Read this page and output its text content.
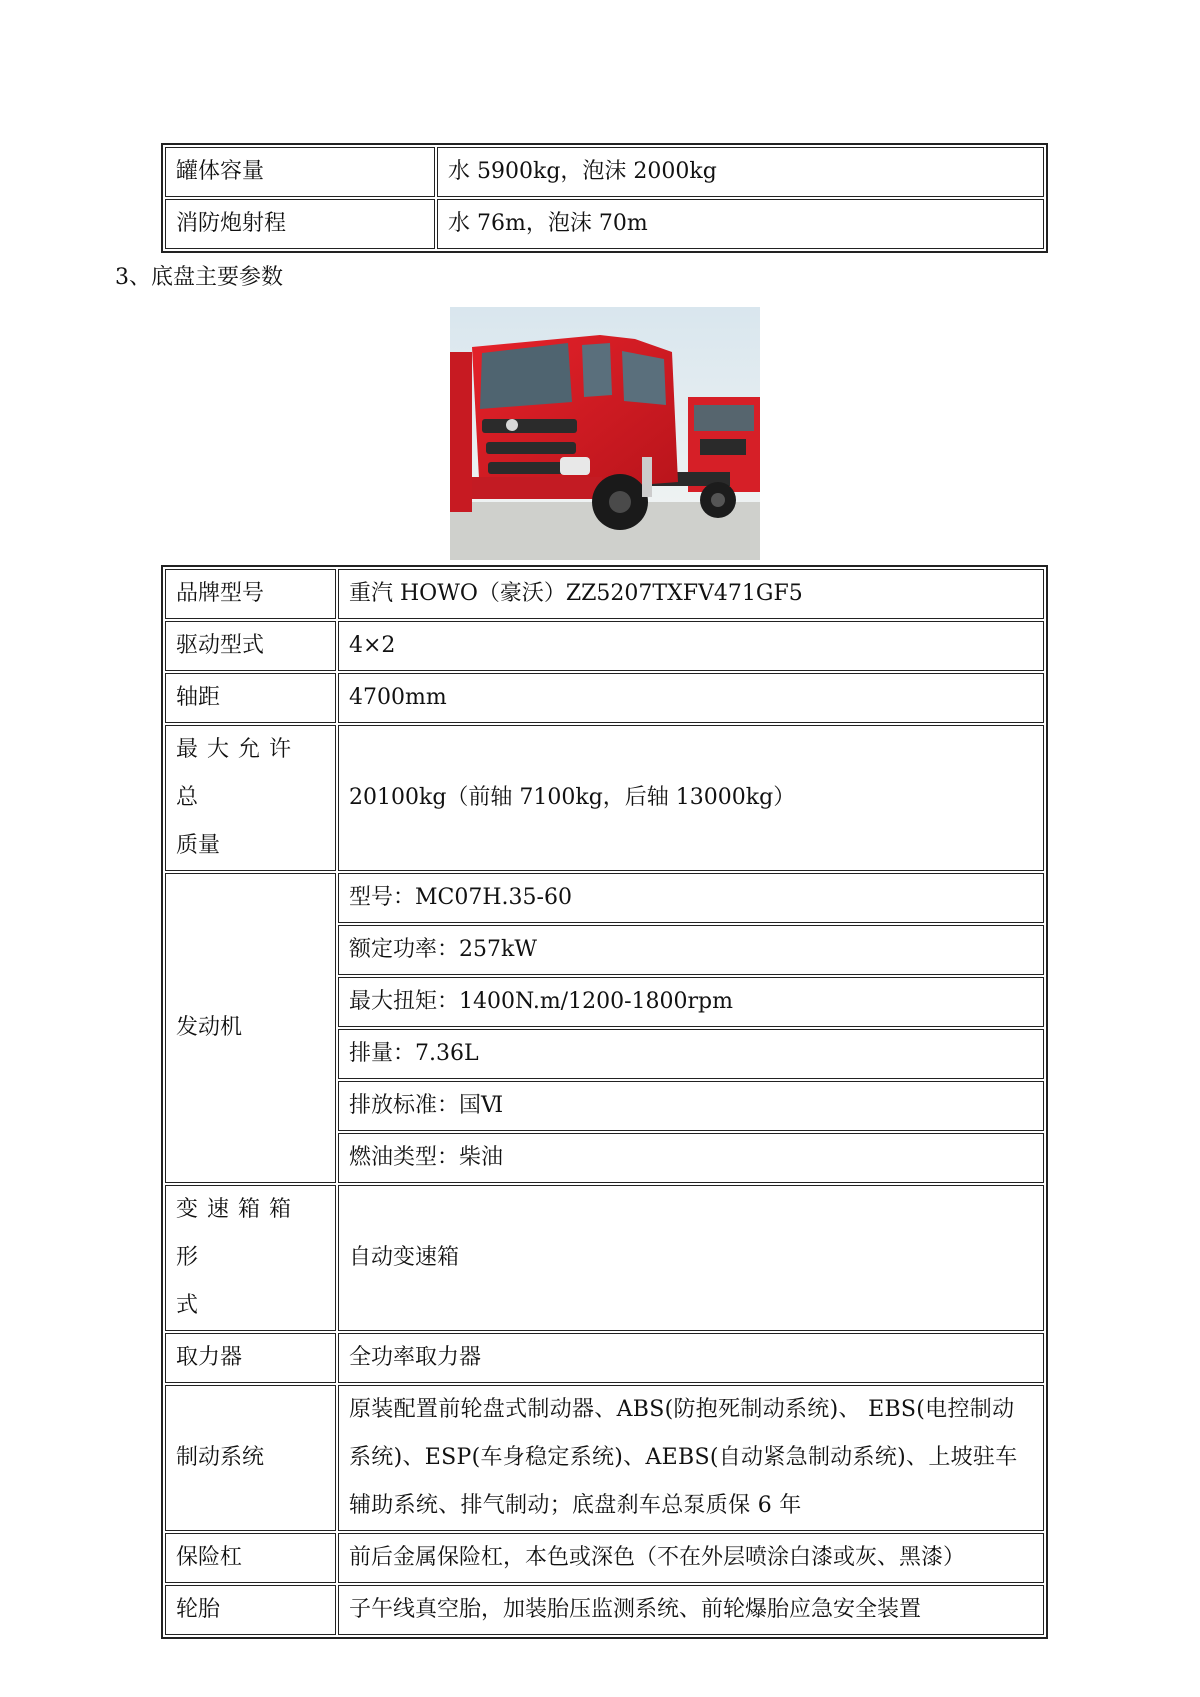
罐体容量	水 5900kg，泡沫 2000kg
消防炮射程	水 76m，泡沫 70m
3、底盘主要参数
品牌型号	重汽 HOWO（豪沃）ZZ5207TXFV471GF5
驱动型式	4×2
轴距	4700mm

最大允许总
质量	20100kg（前轴 7100kg，后轴 13000kg）
发动机	型号：MC07H.35-60
	额定功率：257kW
	最大扭矩：1400N.m/1200-1800rpm
	排量：7.36L
	排放标准：国Ⅵ
	燃油类型：柴油

变速箱箱形
式	自动变速箱
取力器	全功率取力器
制动系统	原装配置前轮盘式制动器、ABS(防抱死制动系统)、 EBS(电控制动系统)、ESP(车身稳定系统)、AEBS(自动紧急制动系统)、上坡驻车辅助系统、排气制动；底盘刹车总泵质保 6 年
保险杠	前后金属保险杠，本色或深色（不在外层喷涂白漆或灰、黑漆）
轮胎	子午线真空胎，加装胎压监测系统、前轮爆胎应急安全装置
